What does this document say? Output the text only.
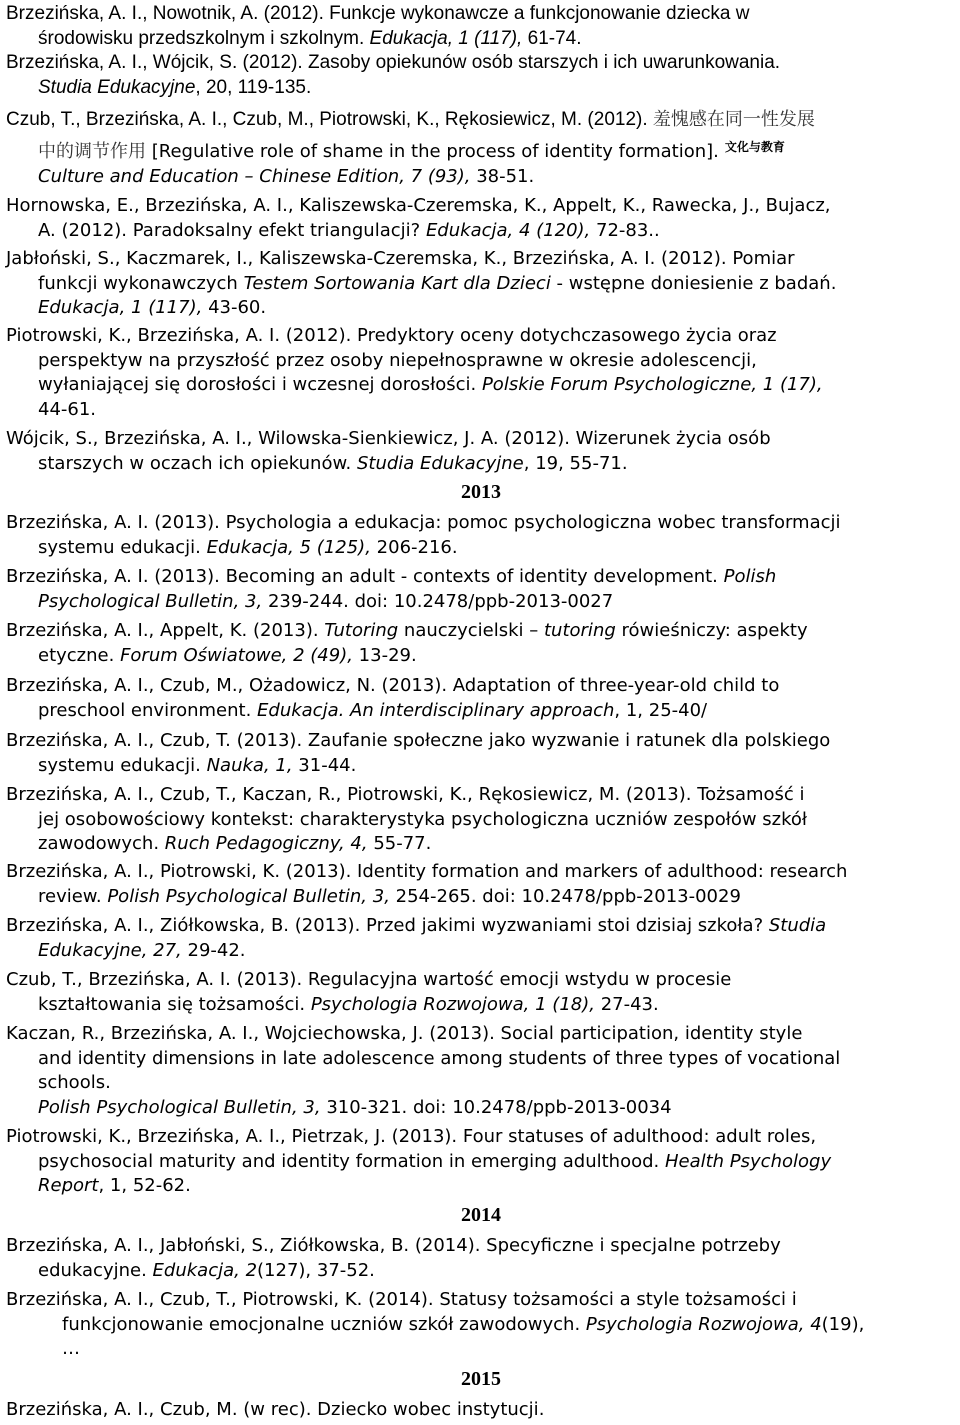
Brzezińska, A. I., Nowotnik, A. (2012). Funkcje wykonawcze a funkcjonowanie dziecka w
środowisku przedszkolnym i szkolnym. Edukacja, 1 (117), 61-74.
Brzezińska, A. I., Wójcik, S. (2012). Zasoby opiekunów osób starszych i ich uwarunkowania.
Studia Edukacyjne, 20, 119-135.
Czub, T., Brzezińska, A. I., Czub, M., Piotrowski, K., Rękosiewicz, M. (2012). 羞愧感在同一性发展
中的调节作用 [Regulative role of shame in the process of identity formation]. $^{文化与教育}$
Culture and Education – Chinese Edition, 7 (93), 38-51.
Hornowska, E., Brzezińska, A. I., Kaliszewska-Czeremska, K., Appelt, K., Rawecka, J., Bujacz,
A. (2012). Paradoksalny efekt triangulacji? Edukacja, 4 (120), 72-83..
Jabłoński, S., Kaczmarek, I., Kaliszewska-Czeremska, K., Brzezińska, A. I. (2012). Pomiar
funkcji wykonawczych Testem Sortowania Kart dla Dzieci - wstępne doniesienie z badań.
Edukacja, 1 (117), 43-60.
Piotrowski, K., Brzezińska, A. I. (2012). Predyktory oceny dotychczasowego życia oraz
perspektyw na przyszłość przez osoby niepełnosprawne w okresie adolescencji,
wyłaniającej się dorosłości i wczesnej dorosłości. Polskie Forum Psychologiczne, 1 (17),
44-61.
Wójcik, S., Brzezińska, A. I., Wilowska-Sienkiewicz, J. A. (2012). Wizerunek życia osób
starszych w oczach ich opiekunów. Studia Edukacyjne, 19, 55-71.
2013
Brzezińska, A. I. (2013). Psychologia a edukacja: pomoc psychologiczna wobec transformacji
systemu edukacji. Edukacja, 5 (125), 206-216.
Brzezińska, A. I. (2013). Becoming an adult - contexts of identity development. Polish
Psychological Bulletin, 3, 239-244. doi: 10.2478/ppb-2013-0027
Brzezińska, A. I., Appelt, K. (2013). Tutoring nauczycielski – tutoring rówieśniczy: aspekty
etyczne. Forum Oświatowe, 2 (49), 13-29.
Brzezińska, A. I., Czub, M., Ożadowicz, N. (2013). Adaptation of three-year-old child to
preschool environment. Edukacja. An interdisciplinary approach, 1, 25-40/
Brzezińska, A. I., Czub, T. (2013). Zaufanie społeczne jako wyzwanie i ratunek dla polskiego
systemu edukacji. Nauka, 1, 31-44.
Brzezińska, A. I., Czub, T., Kaczan, R., Piotrowski, K., Rękosiewicz, M. (2013). Tożsamość i
jej osobowościowy kontekst: charakterystyka psychologiczna uczniów zespołów szkół
zawodowych. Ruch Pedagogiczny, 4, 55-77.
Brzezińska, A. I., Piotrowski, K. (2013). Identity formation and markers of adulthood: research
review. Polish Psychological Bulletin, 3, 254-265. doi: 10.2478/ppb-2013-0029
Brzezińska, A. I., Ziółkowska, B. (2013). Przed jakimi wyzwaniami stoi dzisiaj szkoła? Studia
Edukacyjne, 27, 29-42.
Czub, T., Brzezińska, A. I. (2013). Regulacyjna wartość emocji wstydu w procesie
kształtowania się tożsamości. Psychologia Rozwojowa, 1 (18), 27-43.
Kaczan, R., Brzezińska, A. I., Wojciechowska, J. (2013). Social participation, identity style
and identity dimensions in late adolescence among students of three types of vocational
schools.
Polish Psychological Bulletin, 3, 310-321. doi: 10.2478/ppb-2013-0034
Piotrowski, K., Brzezińska, A. I., Pietrzak, J. (2013). Four statuses of adulthood: adult roles,
psychosocial maturity and identity formation in emerging adulthood. Health Psychology
Report, 1, 52-62.
2014
Brzezińska, A. I., Jabłoński, S., Ziółkowska, B. (2014). Specyficzne i specjalne potrzeby
edukacyjne. Edukacja, 2(127), 37-52.
Brzezińska, A. I., Czub, T., Piotrowski, K. (2014). Statusy tożsamości a style tożsamości i
funkcjonowanie emocjonalne uczniów szkół zawodowych. Psychologia Rozwojowa, 4(19),
…
2015
Brzezińska, A. I., Czub, M. (w rec). Dziecko wobec instytucji.
